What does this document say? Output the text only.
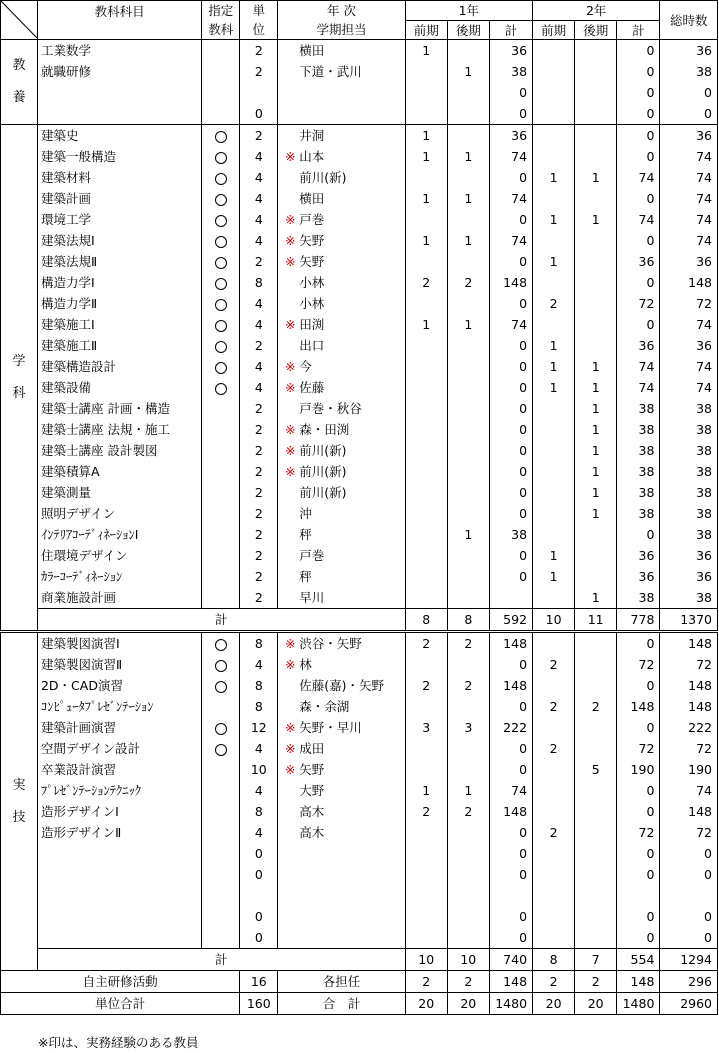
	教科科目	指定	単	年 次	1年			2年			総時数
		教科	位	学期担当	前期	後期	計	前期	後期	計	

教
養	工業数学		2	横田	1		36			0	36
	就職研修		2	下道・武川		1	38			0	38
							0			0	0
			0				0			0	0

学
科	建築史		2	井洞	1		36			0	36
	建築一般構造		4	※ 山本	1	1	74			0	74
	建築材料		4	前川(新)			0	1	1	74	74
	建築計画		4	横田	1	1	74			0	74
	環境工学		4	※ 戸巻			0	1	1	74	74
	建築法規Ⅰ		4	※ 矢野	1	1	74			0	74
	建築法規Ⅱ		2	※ 矢野			0	1		36	36
	構造力学Ⅰ		8	小林	2	2	148			0	148
	構造力学Ⅱ		4	小林			0	2		72	72
	建築施工Ⅰ		4	※ 田渕	1	1	74			0	74
	建築施工Ⅱ		2	出口			0	1		36	36
	建築構造設計		4	※ 今			0	1	1	74	74
	建築設備		4	※ 佐藤			0	1	1	74	74
	建築士講座 計画・構造		2	戸巻・秋谷			0		1	38	38
	建築士講座 法規・施工		2	※ 森・田渕			0		1	38	38
	建築士講座 設計製図		2	※ 前川(新)			0		1	38	38
	建築積算A		2	※ 前川(新)			0		1	38	38
	建築測量		2	前川(新)			0		1	38	38
	照明デザイン		2	沖			0		1	38	38
	ｲﾝﾃﾘｱｺｰﾃﾞｨﾈｰｼｮﾝⅠ		2	秤		1	38			0	38
	住環境デザイン		2	戸巻			0	1		36	36
	ｶﾗｰｺｰﾃﾞｨﾈｰｼｮﾝ		2	秤			0	1		36	36
	商業施設計画		2	早川					1	38	38
	計				8	8	592	10	11	778	1370

実
技	建築製図演習Ⅰ		8	※ 渋谷・矢野	2	2	148			0	148
	建築製図演習Ⅱ		4	※ 林			0	2		72	72
	2D・CAD演習		8	佐藤(嘉)・矢野	2	2	148			0	148
	ｺﾝﾋﾟｭｰﾀﾌﾟﾚｾﾞﾝﾃｰｼｮﾝ		8	森・余湖			0	2	2	148	148
	建築計画演習		12	※ 矢野・早川	3	3	222			0	222
	空間デザイン設計		4	※ 成田			0	2		72	72
	卒業設計演習		10	※ 矢野			0		5	190	190
	ﾌﾟﾚｾﾞﾝﾃｰｼｮﾝﾃｸﾆｯｸ		4	大野	1	1	74			0	74
	造形デザインⅠ		8	高木	2	2	148			0	148
	造形デザインⅡ		4	高木			0	2		72	72
			0				0			0	0
			0				0			0	0

			0				0			0	0
			0				0			0	0
	計				10	10	740	8	7	554	1294
自主研修活動			16	各担任	2	2	148	2	2	148	296
単位合計			160	合　計	20	20	1480	20	20	1480	2960
※印は、実務経験のある教員
